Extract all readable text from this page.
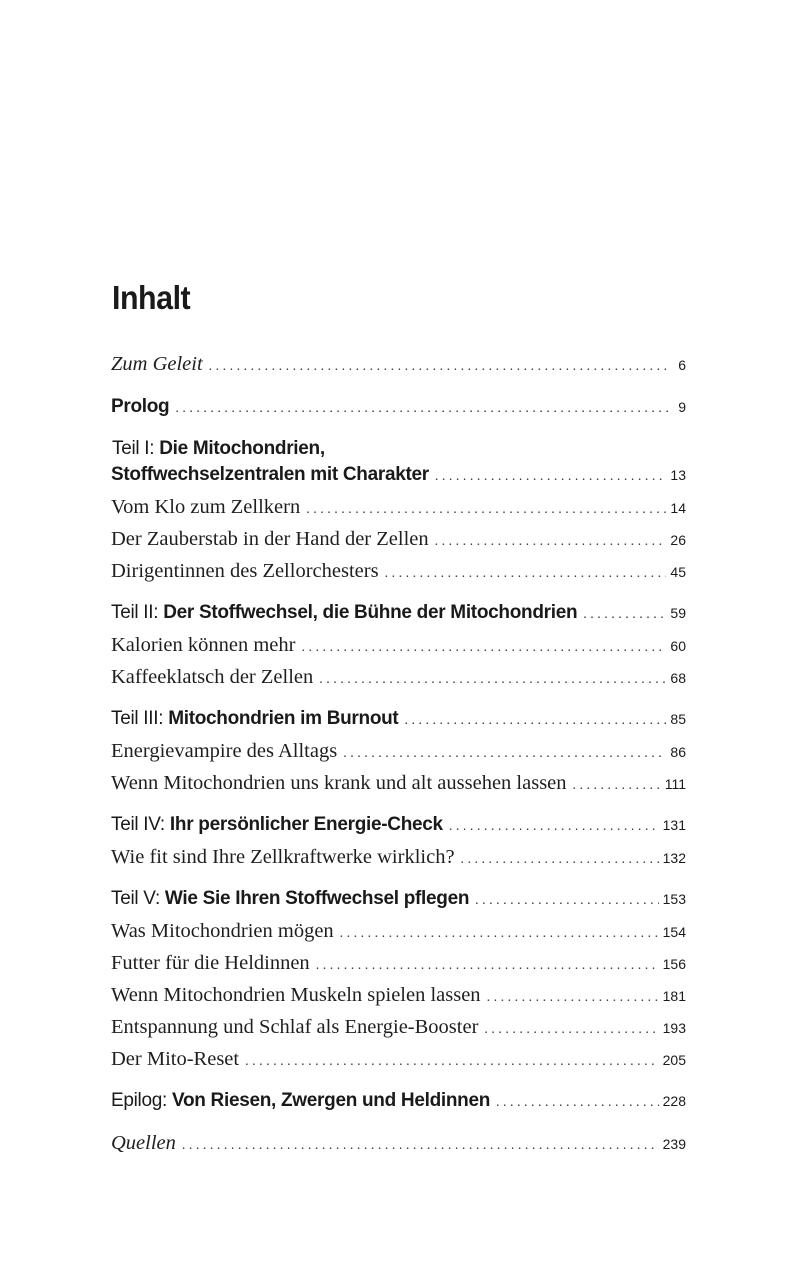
Inhalt
Zum Geleit . . .	6
Prolog . . .	9
Teil I: Die Mitochondrien,
Stoffwechselzentralen mit Charakter . . .	13
Vom Klo zum Zellkern . . .	14
Der Zauberstab in der Hand der Zellen . . .	26
Dirigentinnen des Zellorchesters . . .	45
Teil II: Der Stoffwechsel, die Bühne der Mitochondrien . . .	59
Kalorien können mehr . . .	60
Kaffeeklatsch der Zellen . . .	68
Teil III: Mitochondrien im Burnout . . .	85
Energievampire des Alltags . . .	86
Wenn Mitochondrien uns krank und alt aussehen lassen . . .	111
Teil IV: Ihr persönlicher Energie-Check . . .	131
Wie fit sind Ihre Zellkraftwerke wirklich? . . .	132
Teil V: Wie Sie Ihren Stoffwechsel pflegen . . .	153
Was Mitochondrien mögen . . .	154
Futter für die Heldinnen . . .	156
Wenn Mitochondrien Muskeln spielen lassen . . .	181
Entspannung und Schlaf als Energie-Booster . . .	193
Der Mito-Reset . . .	205
Epilog: Von Riesen, Zwergen und Heldinnen . . .	228
Quellen . . .	239
